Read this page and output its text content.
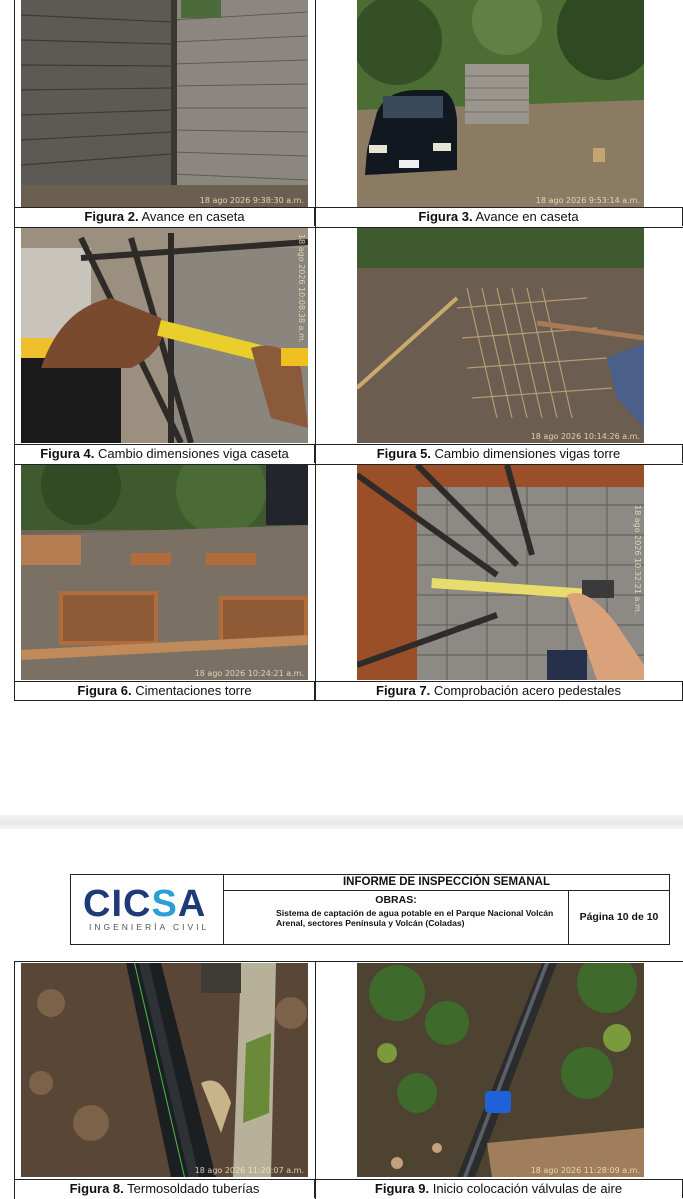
18 ago 2026 9:38:30 a.m.	18 ago 2026 9:53:14 a.m.
Figura 2. Avance en caseta	Figura 3. Avance en caseta
18 ago 2026 10:08:38 a.m.
18 ago 2026 10:14:26 a.m.
Figura 4. Cambio dimensiones viga caseta	Figura 5. Cambio dimensiones vigas torre
18 ago 2026 10:24:21 a.m.
18 ago 2026 10:32:21 a.m.
Figura 6. Cimentaciones torre	Figura 7. Comprobación acero pedestales
CICSA
INGENIERÍA CIVIL
INFORME DE INSPECCIÓN SEMANAL
OBRAS:
Sistema de captación de agua potable en el Parque Nacional Volcán Arenal, sectores Península y Volcán (Coladas)	Página 10 de 10
18 ago 2026 11:20:07 a.m.	18 ago 2026 11:28:09 a.m.
Figura 8. Termosoldado tuberías	Figura 9. Inicio colocación válvulas de aire
